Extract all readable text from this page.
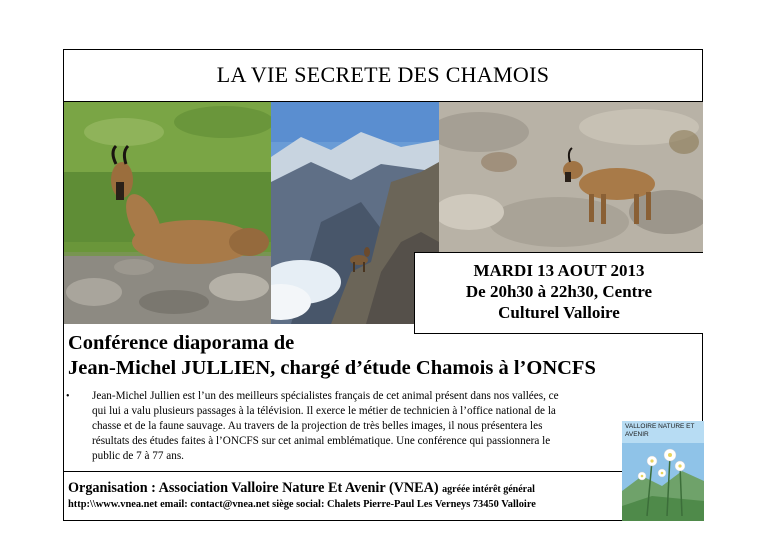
LA VIE SECRETE DES CHAMOIS
MARDI 13 AOUT 2013
De 20h30 à 22h30, Centre
Culturel Valloire
Conférence diaporama de
Jean-Michel JULLIEN, chargé d’étude Chamois à l’ONCFS
• Jean-Michel Jullien est l’un des meilleurs spécialistes français de cet animal présent dans nos vallées, ce
qui lui a valu plusieurs passages à la télévision. Il exerce le métier de technicien à l’office national de la
chasse et de la faune sauvage. Au travers de la projection de très belles images, il nous présentera les
résultats des études faites à l’ONCFS sur cet animal emblématique. Une conférence qui passionnera le
public de 7 à 77 ans.
Organisation : Association Valloire Nature Et Avenir (VNEA) agréée intérêt général
http:\\www.vnea.net email: contact@vnea.net siège social: Chalets Pierre-Paul Les Verneys 73450 Valloire
VALLOIRE NATURE ET
AVENIR
